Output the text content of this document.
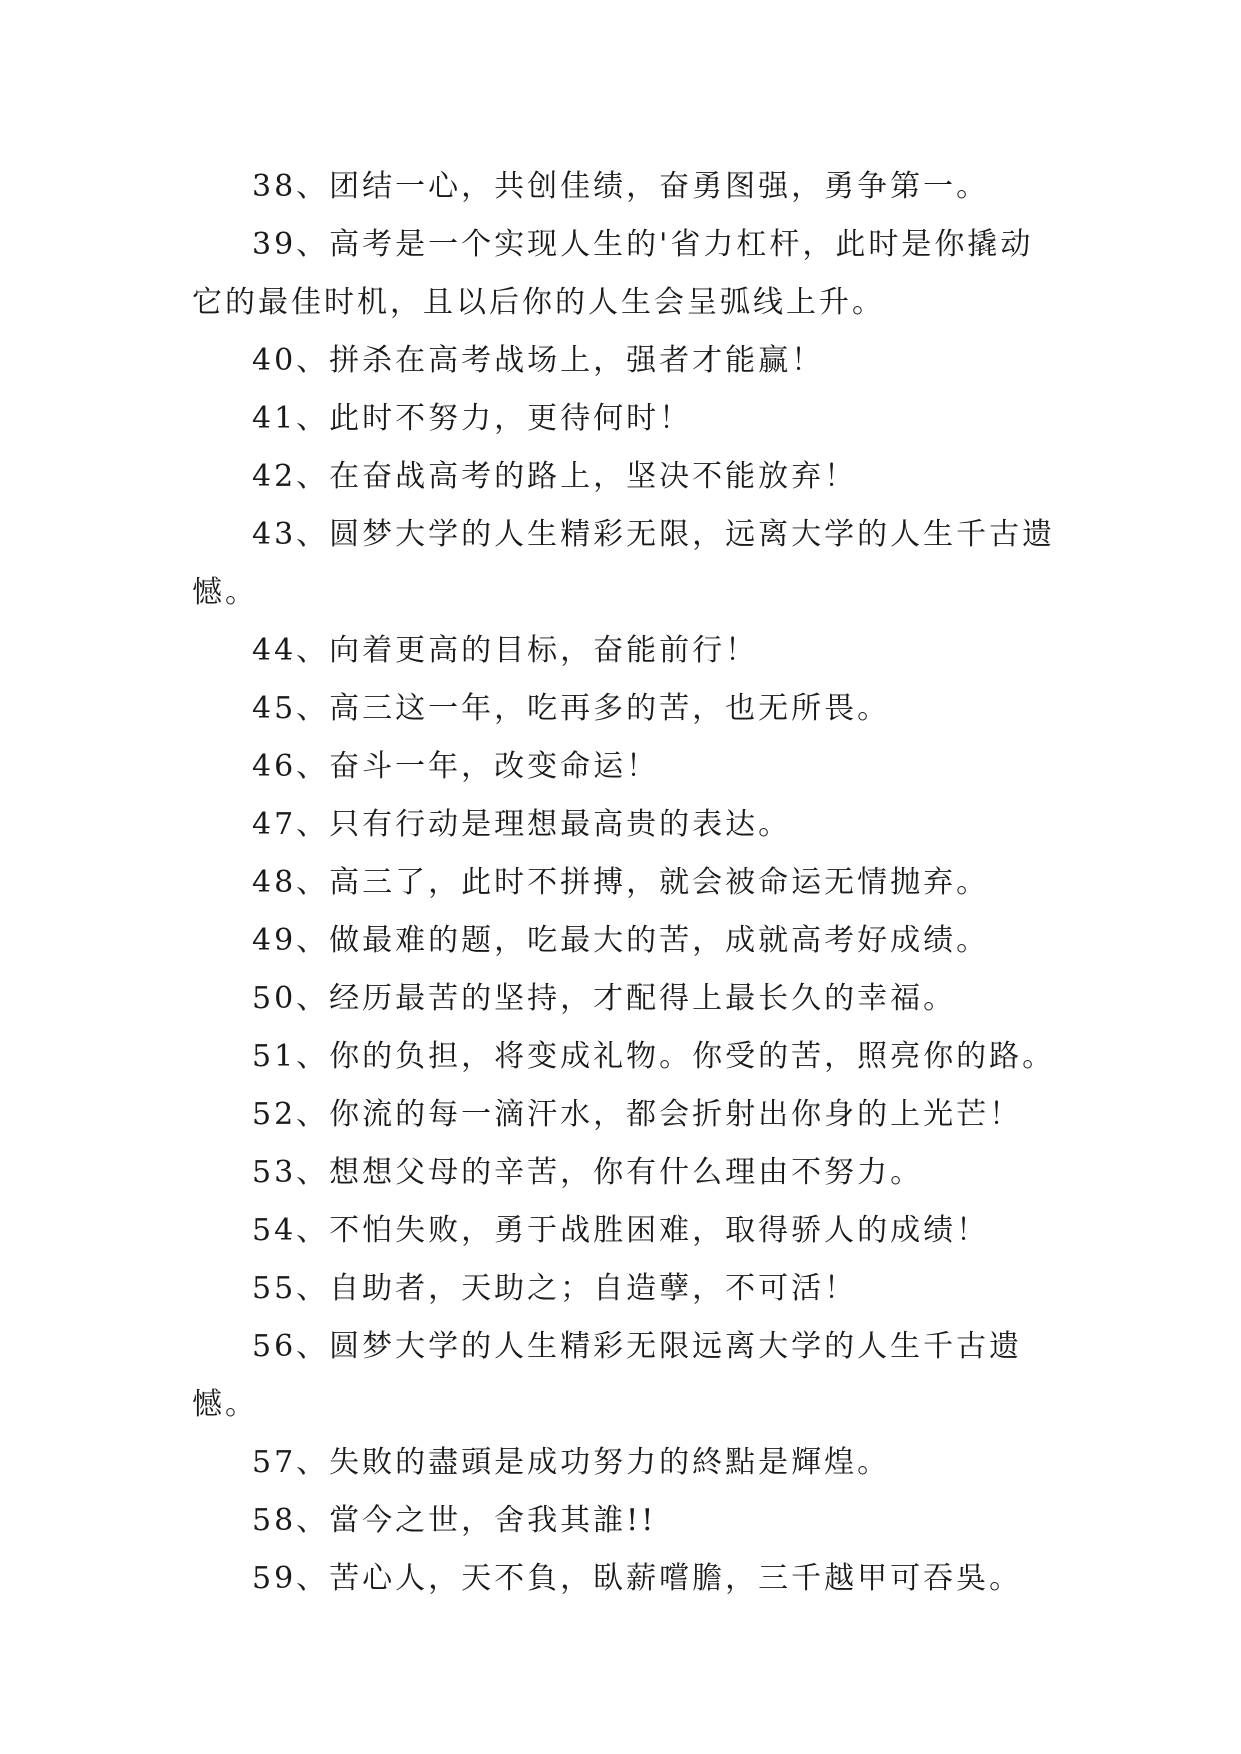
38、团结一心，共创佳绩，奋勇图强，勇争第一。

39、高考是一个实现人生的'省力杠杆，此时是你撬动它的最佳时机，且以后你的人生会呈弧线上升。

40、拼杀在高考战场上，强者才能赢！

41、此时不努力，更待何时！

42、在奋战高考的路上，坚决不能放弃！

43、圆梦大学的人生精彩无限，远离大学的人生千古遗憾。

44、向着更高的目标，奋能前行！

45、高三这一年，吃再多的苦，也无所畏。

46、奋斗一年，改变命运！

47、只有行动是理想最高贵的表达。

48、高三了，此时不拼搏，就会被命运无情抛弃。

49、做最难的题，吃最大的苦，成就高考好成绩。

50、经历最苦的坚持，才配得上最长久的幸福。

51、你的负担，将变成礼物。你受的苦，照亮你的路。

52、你流的每一滴汗水，都会折射出你身的上光芒！

53、想想父母的辛苦，你有什么理由不努力。

54、不怕失败，勇于战胜困难，取得骄人的成绩！

55、自助者，天助之；自造孽，不可活！

56、圆梦大学的人生精彩无限远离大学的人生千古遗憾。

57、失敗的盡頭是成功努力的終點是輝煌。

58、當今之世，舍我其誰!!

59、苦心人，天不負，臥薪嚐膽，三千越甲可吞吳。
